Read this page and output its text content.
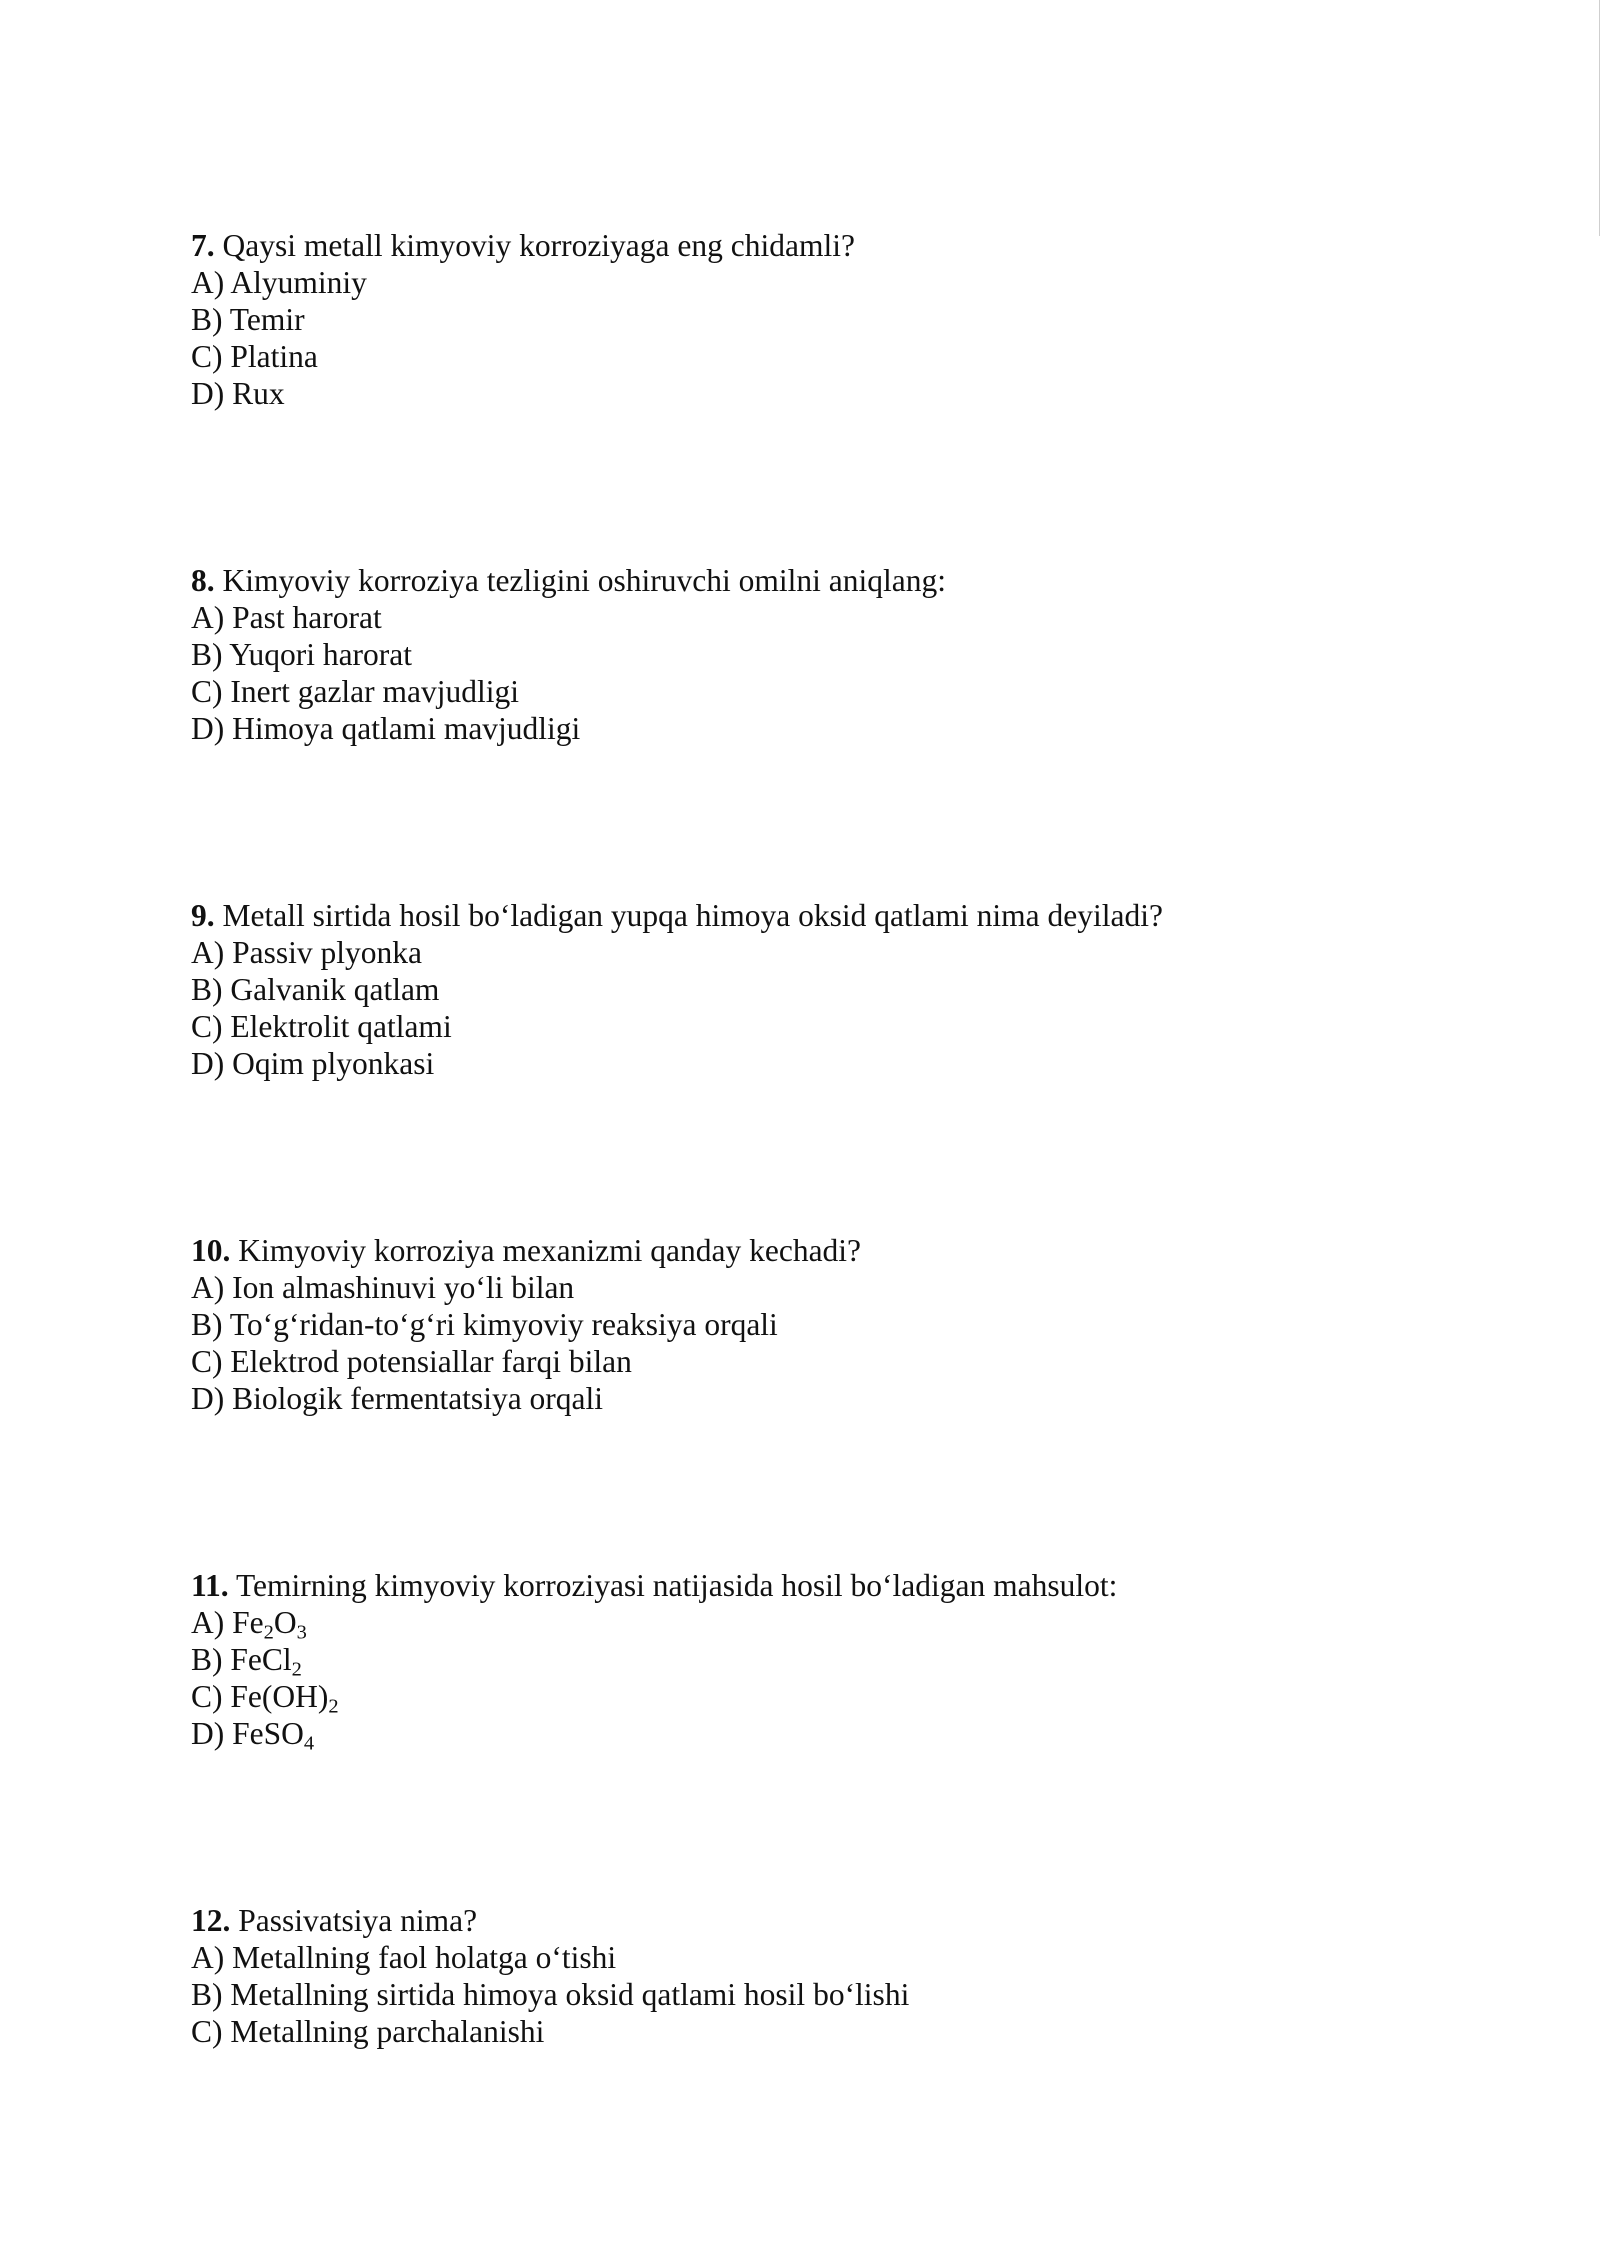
7. Qaysi metall kimyoviy korroziyaga eng chidamli?
A) Alyuminiy
B) Temir
C) Platina
D) Rux
8. Kimyoviy korroziya tezligini oshiruvchi omilni aniqlang:
A) Past harorat
B) Yuqori harorat
C) Inert gazlar mavjudligi
D) Himoya qatlami mavjudligi
9. Metall sirtida hosil bo‘ladigan yupqa himoya oksid qatlami nima deyiladi?
A) Passiv plyonka
B) Galvanik qatlam
C) Elektrolit qatlami
D) Oqim plyonkasi
10. Kimyoviy korroziya mexanizmi qanday kechadi?
A) Ion almashinuvi yo‘li bilan
B) To‘g‘ridan-to‘g‘ri kimyoviy reaksiya orqali
C) Elektrod potensiallar farqi bilan
D) Biologik fermentatsiya orqali
11. Temirning kimyoviy korroziyasi natijasida hosil bo‘ladigan mahsulot:
A) $Fe_2O_3$
B) FeCl$_2$
C) $Fe(OH)_2$
D) FeSO$_4$
12. Passivatsiya nima?
A) Metallning faol holatga o‘tishi
B) Metallning sirtida himoya oksid qatlami hosil bo‘lishi
C) Metallning parchalanishi
